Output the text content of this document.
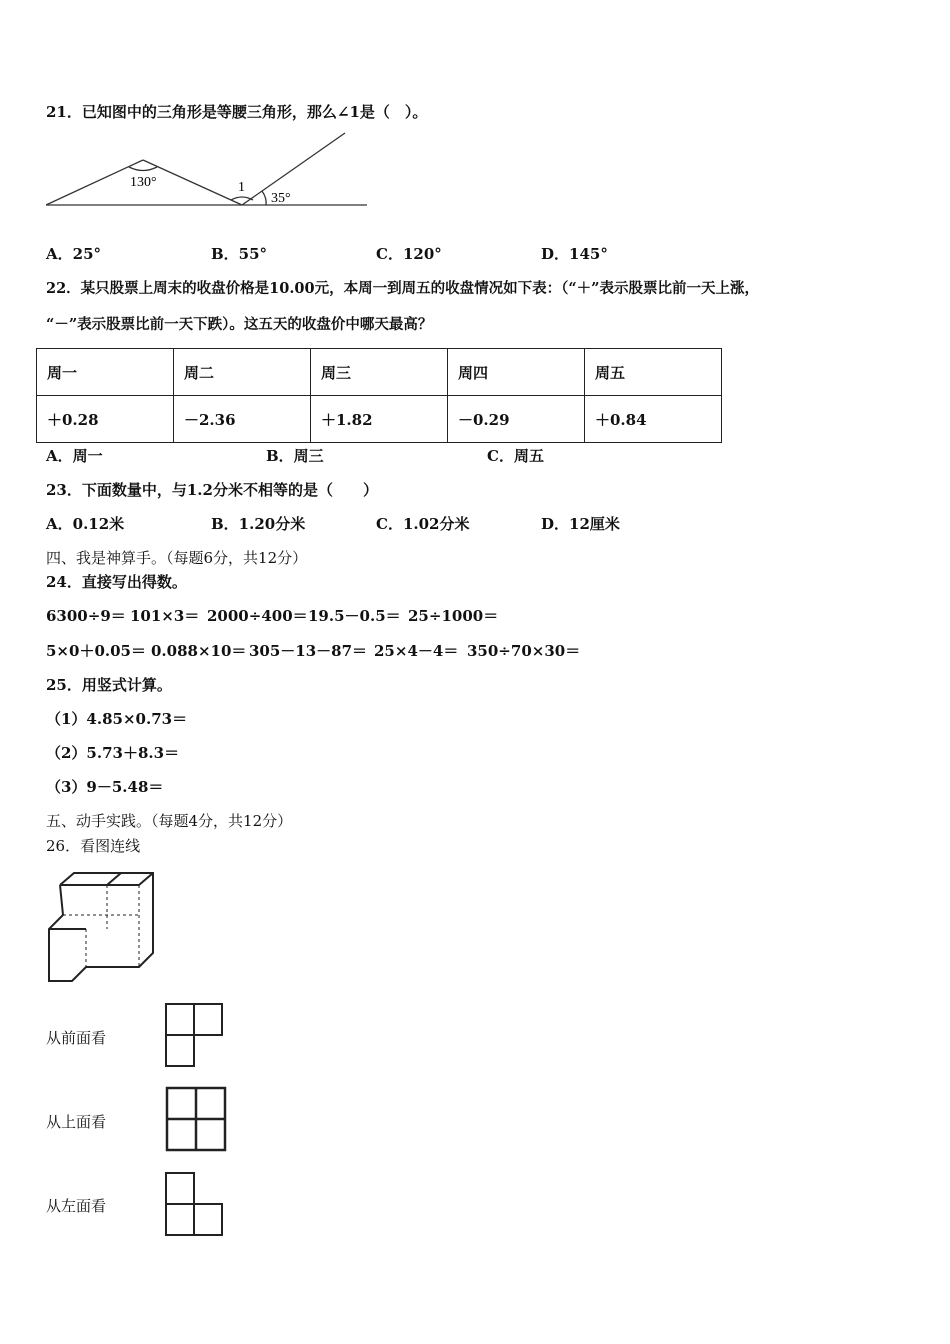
21．已知图中的三角形是等腰三角形，那么∠1是（　）。
130°	1
35°
A．25°	B．55°	C．120°	D．145°
22．某只股票上周末的收盘价格是10.00元，本周一到周五的收盘情况如下表：（“＋”表示股票比前一天上涨，
“－”表示股票比前一天下跌）。这五天的收盘价中哪天最高？
周一	周二	周三	周四	周五
＋0.28	－2.36	＋1.82	－0.29	＋0.84
A．周一	B．周三	C．周五
23．下面数量中，与1.2分米不相等的是（　　）
A．0.12米	B．1.20分米	C．1.02分米	D．12厘米
四、我是神算手。（每题6分，共12分）
24．直接写出得数。
6300÷9＝ 101×3＝ 2000÷400＝ 19.5－0.5＝ 25÷1000＝
5×0＋0.05＝ 0.088×10＝ 305－13－87＝ 25×4－4＝ 350÷70×30＝
25．用竖式计算。
（1）4.85×0.73＝
（2）5.73＋8.3＝
（3）9－5.48＝
五、动手实践。（每题4分，共12分）
26．看图连线
从前面看
从上面看
从左面看
